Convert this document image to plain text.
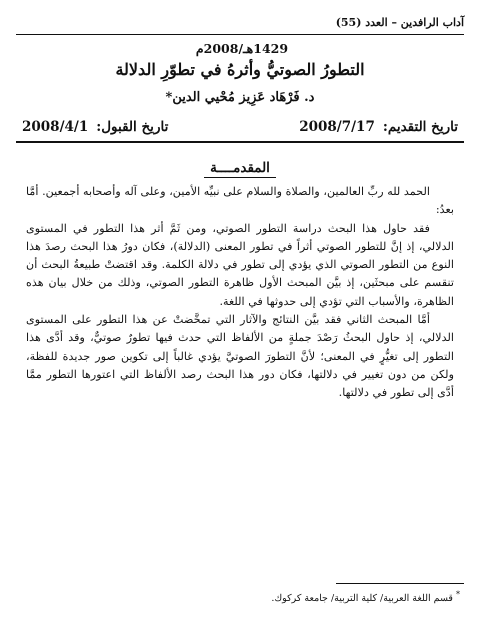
آداب الرافدين – العدد (55)
1429هـ/2008م
التطورُ الصوتيُّ وأثرهُ في تطوّرِ الدلالة
د. فَرْهَاد عَزِيز مُحْيي الدين*
تاريخ التقديم:
2008/7/17
تاريخ القبول:
2008/4/1
المقدمــــة

الحمد لله ربِّ العالمين، والصلاة والسلام على نبيِّه الأمين، وعلى آله وأصحابه أجمعين. أمَّا بعدُ:

فقد حاول هذا البحث دراسة التطور الصوتي، ومن ثَمَّ أثر هذا التطور في المستوى الدلالي، إذ إنَّ للتطور الصوتي أثراً في تطور المعنى (الدلالة)، فكان دورُ هذا البحث رصدَ هذا النوع من التطور الصوتي الذي يؤدي إلى تطور في دلالة الكلمة. وقد اقتضتْ طبيعةُ البحث أن تنقسم على مبحثَين، إذ بيَّن المبحث الأول ظاهرة التطور الصوتي، وذلك من خلال بيان هذه الظاهرة، والأسباب التي تؤدي إلى حدوثها في اللغة.

أمَّا المبحث الثاني فقد بيَّن النتائج والآثار التي تمخَّضتْ عن هذا التطور على المستوى الدلالي، إذ حاول البحثُ رَصْدَ جملةٍ من الألفاظ التي حدث فيها تطورٌ صوتيٌّ، وقد أدَّى هذا التطور إلى تغيُّرٍ في المعنى؛ لأنَّ التطورَ الصوتيَّ يؤدي غالباً إلى تكوين صور جديدة للفظة، ولكن من دون تغيير في دلالتها، فكان دور هذا البحث رصد الألفاظ التي اعتورها التطور ممَّا أدَّى إلى تطور في دلالتها.

* قسم اللغة العربية/ كلية التربية/ جامعة كركوك.
